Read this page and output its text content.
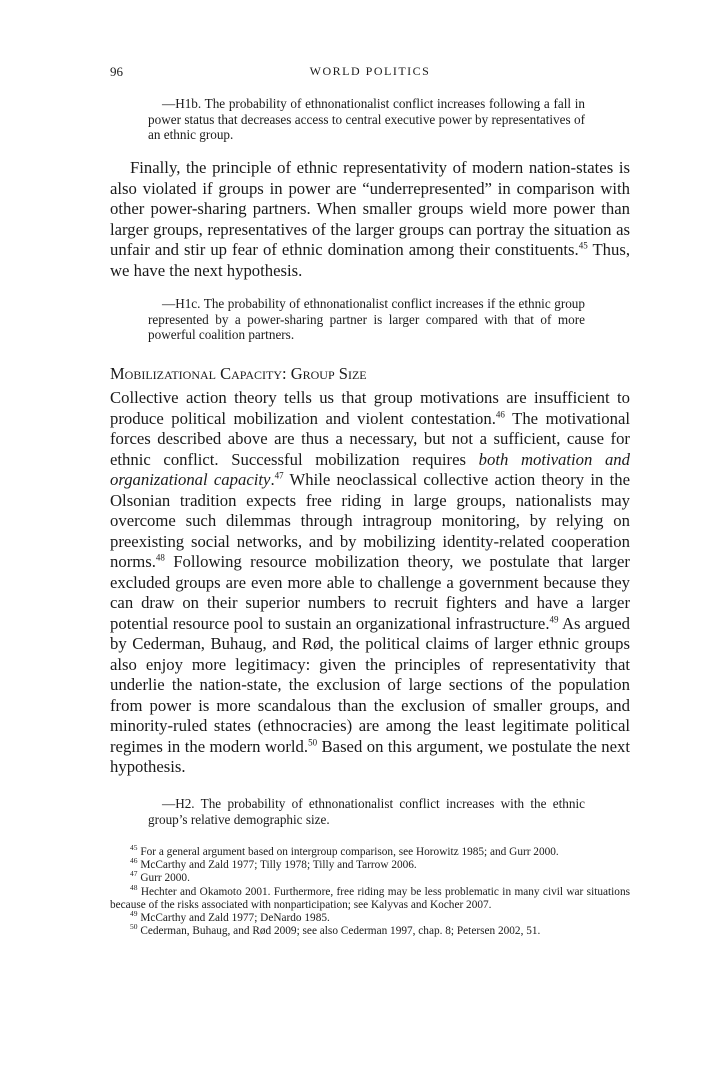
96	WORLD POLITICS
—H1b. The probability of ethnonationalist conflict increases following a fall in power status that decreases access to central executive power by representatives of an ethnic group.
Finally, the principle of ethnic representativity of modern nation-states is also violated if groups in power are “underrepresented” in comparison with other power-sharing partners. When smaller groups wield more power than larger groups, representatives of the larger groups can portray the situation as unfair and stir up fear of ethnic domination among their constituents.$^{45}$ Thus, we have the next hypothesis.
—H1c. The probability of ethnonationalist conflict increases if the ethnic group represented by a power-sharing partner is larger compared with that of more powerful coalition partners.
Mobilizational Capacity: Group Size
Collective action theory tells us that group motivations are insufficient to produce political mobilization and violent contestation.$^{46}$ The motivational forces described above are thus a necessary, but not a sufficient, cause for ethnic conflict. Successful mobilization requires both motivation and organizational capacity.$^{47}$ While neoclassical collective action theory in the Olsonian tradition expects free riding in large groups, nationalists may overcome such dilemmas through intragroup monitoring, by relying on preexisting social networks, and by mobilizing identity-related cooperation norms.$^{48}$ Following resource mobilization theory, we postulate that larger excluded groups are even more able to challenge a government because they can draw on their superior numbers to recruit fighters and have a larger potential resource pool to sustain an organizational infrastructure.$^{49}$ As argued by Cederman, Buhaug, and Rød, the political claims of larger ethnic groups also enjoy more legitimacy: given the principles of representativity that underlie the nation-state, the exclusion of large sections of the population from power is more scandalous than the exclusion of smaller groups, and minority-ruled states (ethnocracies) are among the least legitimate political regimes in the modern world.$^{50}$ Based on this argument, we postulate the next hypothesis.
—H2. The probability of ethnonationalist conflict increases with the ethnic group’s relative demographic size.
$^{45}$ For a general argument based on intergroup comparison, see Horowitz 1985; and Gurr 2000.
$^{46}$ McCarthy and Zald 1977; Tilly 1978; Tilly and Tarrow 2006.
$^{47}$ Gurr 2000.
$^{48}$ Hechter and Okamoto 2001. Furthermore, free riding may be less problematic in many civil war situations because of the risks associated with nonparticipation; see Kalyvas and Kocher 2007.
$^{49}$ McCarthy and Zald 1977; DeNardo 1985.
$^{50}$ Cederman, Buhaug, and Rød 2009; see also Cederman 1997, chap. 8; Petersen 2002, 51.
